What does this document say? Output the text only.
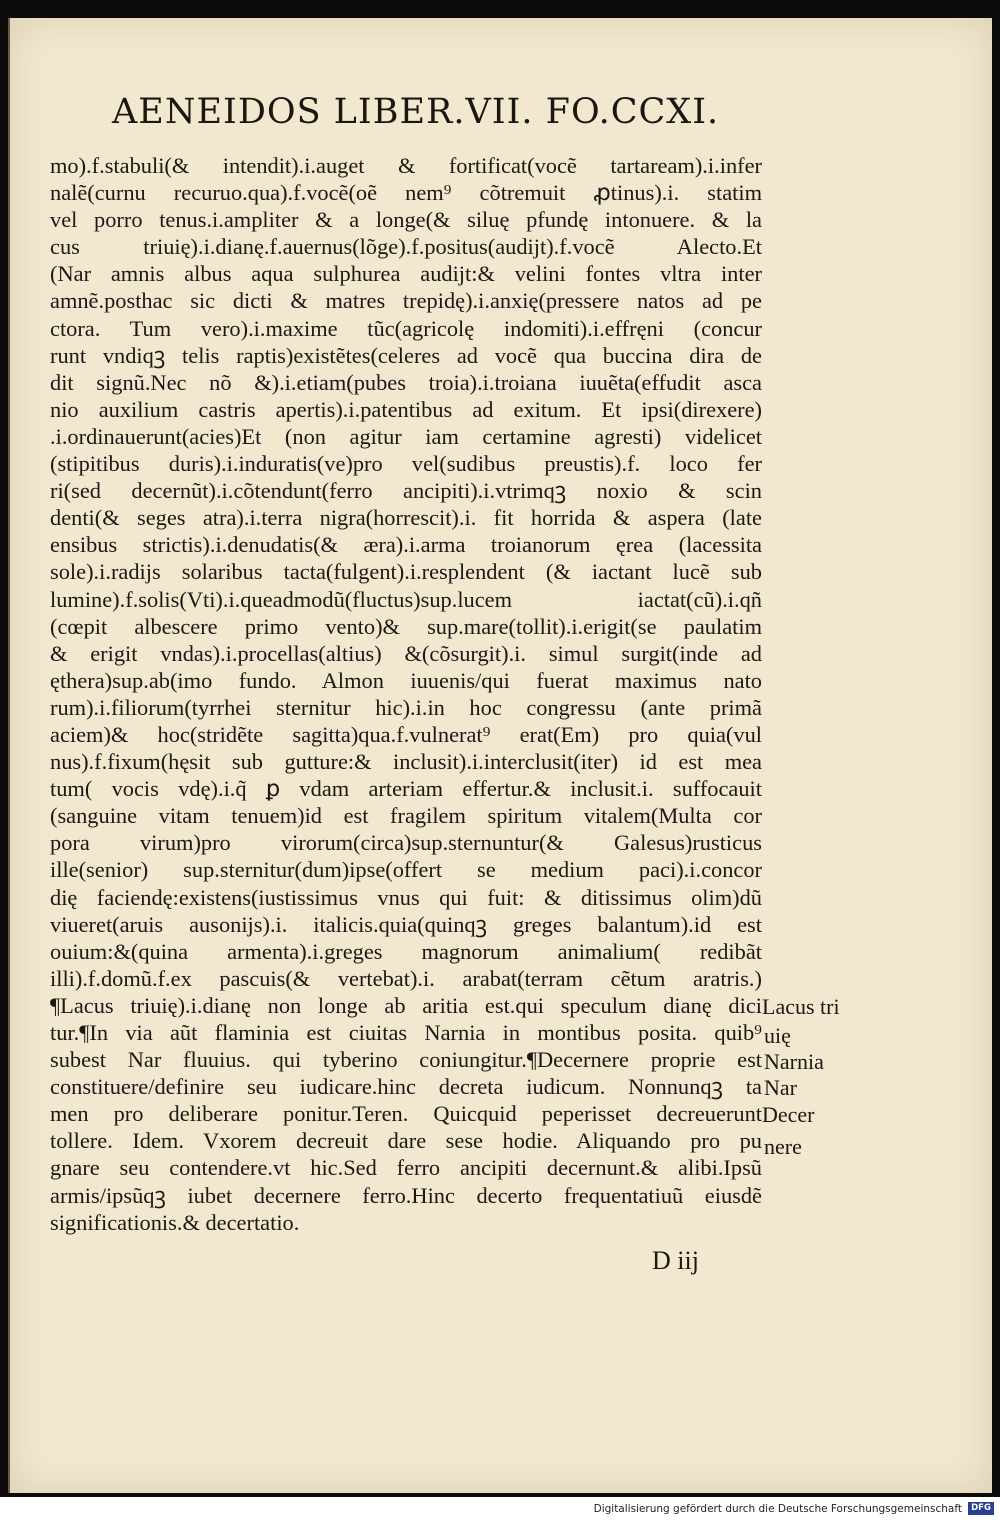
AENEIDOS LIBER.VII. FO.CCXI.
mo).f.stabuli(& intendit).i.auget & fortificat(vocẽ tartaream).i.infer
nalẽ(curnu recuruo.qua).f.vocẽ(oẽ nem⁹ cõtremuit ꝓtinus).i. statim
vel porro tenus.i.ampliter & a longe(& siluę pfundę intonuere. & la
cus triuię).i.dianę.f.auernus(lõge).f.positus(audijt).f.vocẽ Alecto.Et
(Nar amnis albus aqua sulphurea audijt:& velini fontes vltra inter
amnẽ.posthac sic dicti & matres trepidę).i.anxię(pressere natos ad pe
ctora. Tum vero).i.maxime tũc(agricolę indomiti).i.effręni (concur
runt vndiqꝫ telis raptis)existẽtes(celeres ad vocẽ qua buccina dira de
dit signũ.Nec nõ &).i.etiam(pubes troia).i.troiana iuuẽta(effudit asca
nio auxilium castris apertis).i.patentibus ad exitum. Et ipsi(direxere)
.i.ordinauerunt(acies)Et (non agitur iam certamine agresti) videlicet
(stipitibus duris).i.induratis(ve)pro vel(sudibus preustis).f. loco fer
ri(sed decernũt).i.cõtendunt(ferro ancipiti).i.vtrimqꝫ noxio & scin
denti(& seges atra).i.terra nigra(horrescit).i. fit horrida & aspera (late
ensibus strictis).i.denudatis(& æra).i.arma troianorum ęrea (lacessita
sole).i.radijs solaribus tacta(fulgent).i.resplendent (& iactant lucẽ sub
lumine).f.solis(Vti).i.queadmodũ(fluctus)sup.lucem iactat(cũ).i.qñ
(cœpit albescere primo vento)& sup.mare(tollit).i.erigit(se paulatim
& erigit vndas).i.procellas(altius) &(cõsurgit).i. simul surgit(inde ad
ęthera)sup.ab(imo fundo. Almon iuuenis/qui fuerat maximus nato
rum).i.filiorum(tyrrhei sternitur hic).i.in hoc congressu (ante primã
aciem)& hoc(stridẽte sagitta)qua.f.vulnerat⁹ erat(Em) pro quia(vul
nus).f.fixum(hęsit sub gutture:& inclusit).i.interclusit(iter) id est mea
tum( vocis vdę).i.q̃ ꝑ vdam arteriam effertur.& inclusit.i. suffocauit
(sanguine vitam tenuem)id est fragilem spiritum vitalem(Multa cor
pora virum)pro virorum(circa)sup.sternuntur(& Galesus)rusticus
ille(senior) sup.sternitur(dum)ipse(offert se medium paci).i.concor
dię faciendę:existens(iustissimus vnus qui fuit: & ditissimus olim)dũ
viueret(aruis ausonijs).i. italicis.quia(quinqꝫ greges balantum).id est
ouium:&(quina armenta).i.greges magnorum animalium( redibãt
illi).f.domũ.f.ex pascuis(& vertebat).i. arabat(terram cẽtum aratris.)
¶Lacus triuię).i.dianę non longe ab aritia est.qui speculum dianę dici
tur.¶In via aũt flaminia est ciuitas Narnia in montibus posita. quib⁹
subest Nar fluuius. qui tyberino coniungitur.¶Decernere proprie est
constituere/definire seu iudicare.hinc decreta iudicum. Nonnunqꝫ ta
men pro deliberare ponitur.Teren. Quicquid peperisset decreuerunt
tollere. Idem. Vxorem decreuit dare sese hodie. Aliquando pro pu
gnare seu contendere.vt hic.Sed ferro ancipiti decernunt.& alibi.Ipsũ
armis/ipsũqꝫ iubet decernere ferro.Hinc decerto frequentatiuũ eiusdẽ
significationis.& decertatio.
Lacus tri
uię
Narnia
Nar
Decer
nere
D iij
Digitalisierung gefördert durch die Deutsche Forschungsgemeinschaft	DFG
